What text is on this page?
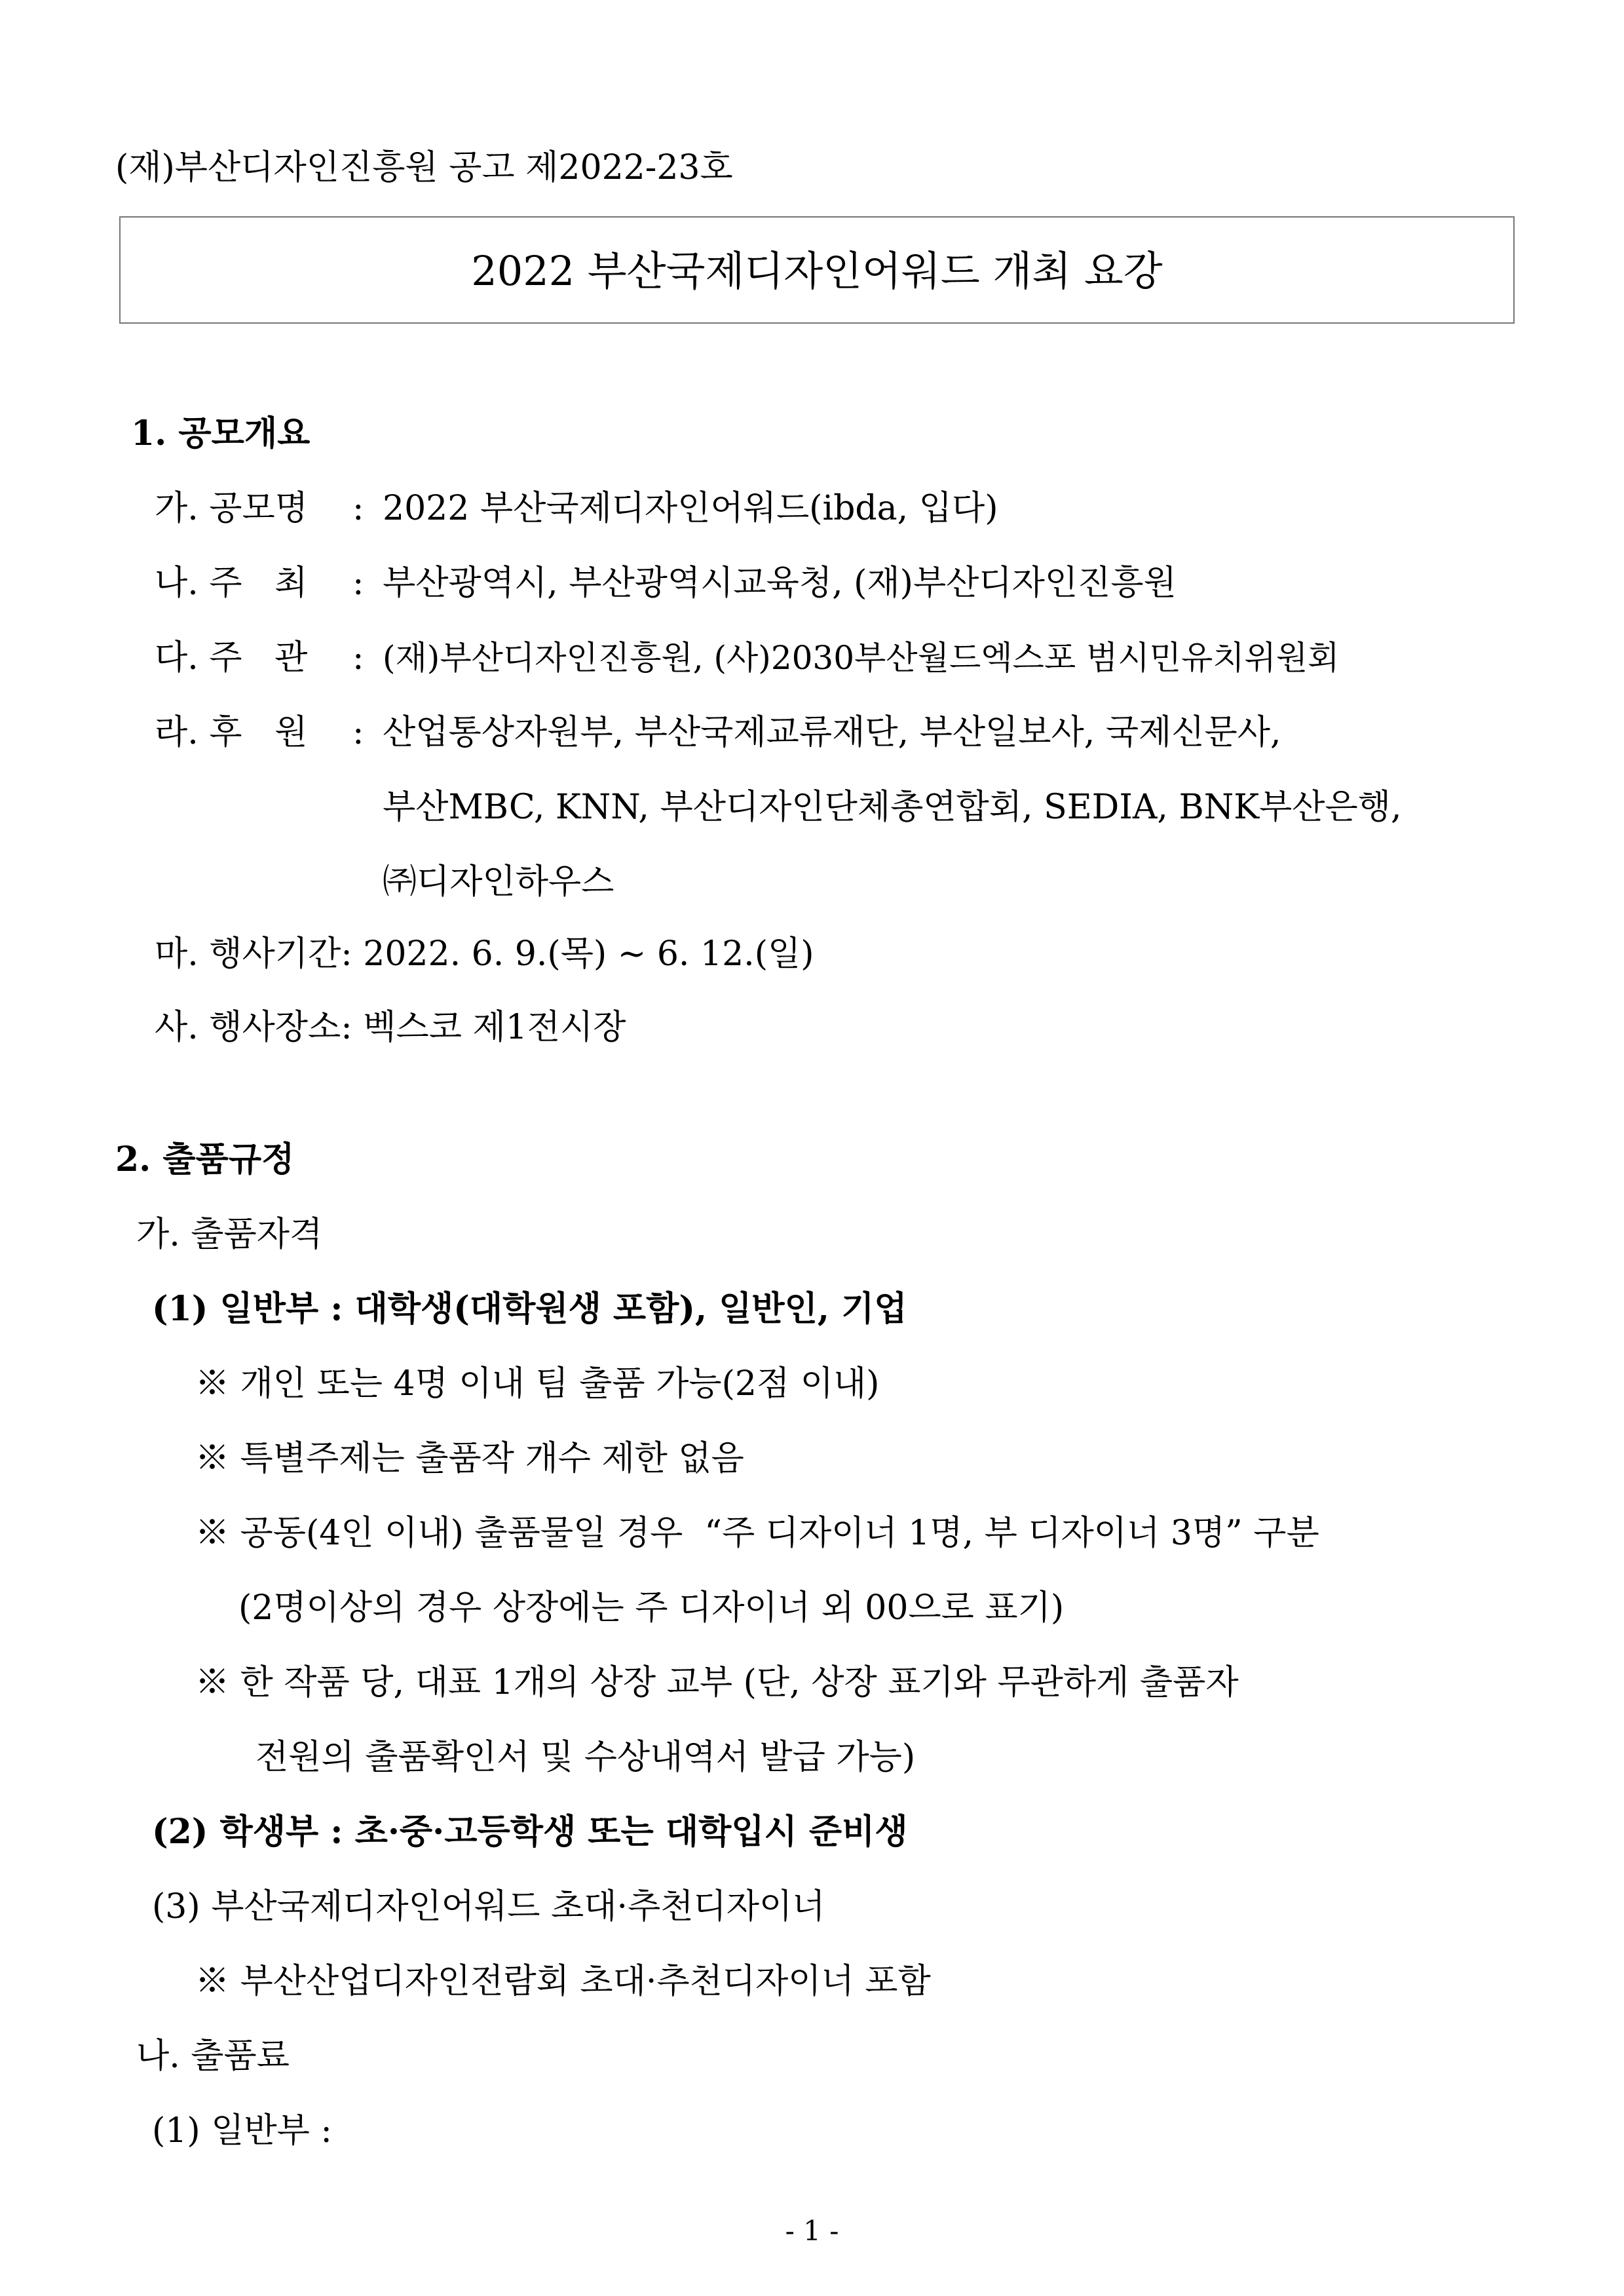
(재)부산디자인진흥원 공고 제2022-23호
2022 부산국제디자인어워드 개최 요강
1. 공모개요
가. 공모명 : 2022 부산국제디자인어워드(ibda, 입다)
나. 주   최 : 부산광역시, 부산광역시교육청, (재)부산디자인진흥원
다. 주   관 : (재)부산디자인진흥원, (사)2030부산월드엑스포 범시민유치위원회
라. 후   원 : 산업통상자원부, 부산국제교류재단, 부산일보사, 국제신문사,
부산MBC, KNN, 부산디자인단체총연합회, SEDIA, BNK부산은행,
㈜디자인하우스
마. 행사기간: 2022. 6. 9.(목) ~ 6. 12.(일)
사. 행사장소: 벡스코 제1전시장
2. 출품규정
가. 출품자격
(1) 일반부 : 대학생(대학원생 포함), 일반인, 기업
※ 개인 또는 4명 이내 팀 출품 가능(2점 이내)
※ 특별주제는 출품작 개수 제한 없음
※ 공동(4인 이내) 출품물일 경우  “주 디자이너 1명, 부 디자이너 3명” 구분
(2명이상의 경우 상장에는 주 디자이너 외 00으로 표기)
※ 한 작품 당, 대표 1개의 상장 교부 (단, 상장 표기와 무관하게 출품자
전원의 출품확인서 및 수상내역서 발급 가능)
(2) 학생부 : 초·중·고등학생 또는 대학입시 준비생
(3) 부산국제디자인어워드 초대·추천디자이너
※ 부산산업디자인전람회 초대·추천디자이너 포함
나. 출품료
(1) 일반부 :
- 1 -
